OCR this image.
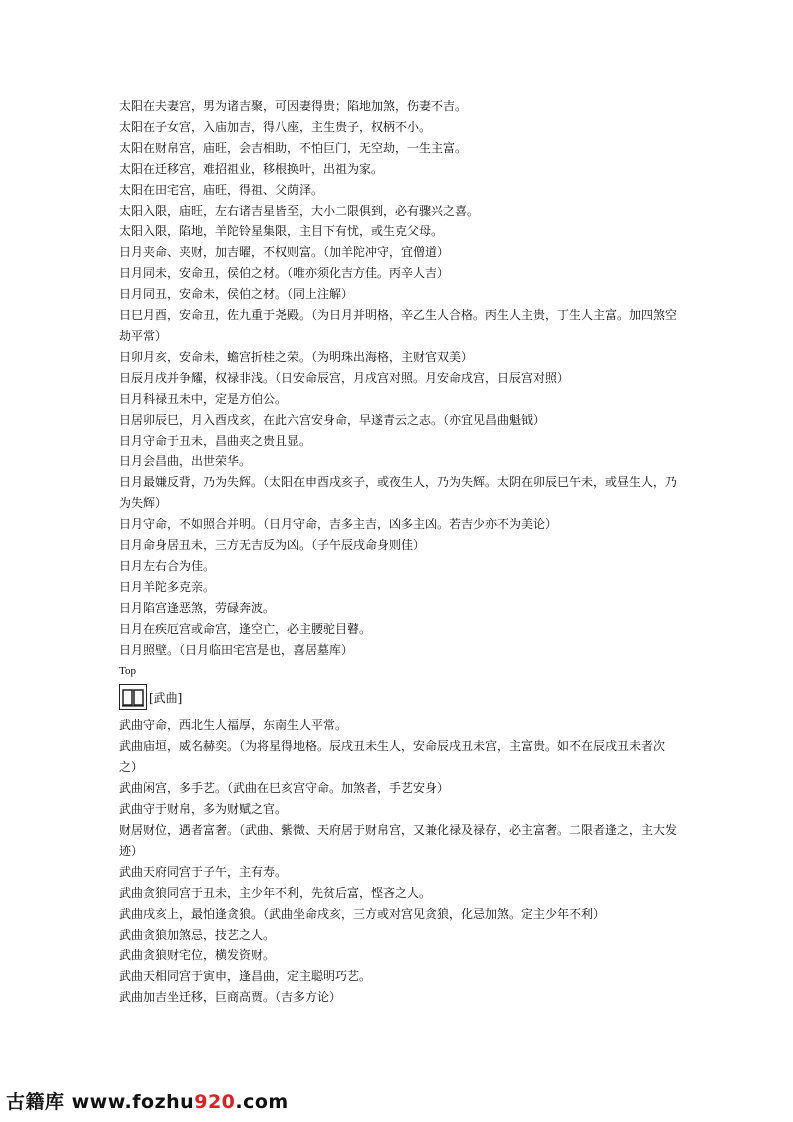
太阳在夫妻宫，男为诸吉聚，可因妻得贵；陷地加煞，伤妻不吉。
太阳在子女宫，入庙加吉，得八座，主生贵子，权柄不小。
太阳在财帛宫，庙旺，会吉相助，不怕巨门，无空劫，一生主富。
太阳在迁移宫，难招祖业，移根换叶，出祖为家。
太阳在田宅宫，庙旺，得祖、父荫泽。
太阳入限，庙旺，左右诸吉星皆至，大小二限俱到，必有骤兴之喜。
太阳入限，陷地，羊陀铃星集限，主目下有忧，或生克父母。
日月夹命、夹财，加吉曜，不权则富。（加羊陀冲守，宜僧道）
日月同未，安命丑，侯伯之材。（唯亦须化吉方佳。丙辛人吉）
日月同丑，安命未，侯伯之材。（同上注解）
日巳月酉，安命丑，佐九重于尧殿。（为日月并明格，辛乙生人合格。丙生人主贵，丁生人主富。加四煞空劫平常）
日卯月亥，安命未，蟾宫折桂之荣。（为明珠出海格，主财官双美）
日辰月戌并争耀，权禄非浅。（日安命辰宫，月戌宫对照。月安命戌宫，日辰宫对照）
日月科禄丑未中，定是方伯公。
日居卯辰巳，月入酉戌亥，在此六宫安身命，早遂青云之志。（亦宜见昌曲魁钺）
日月守命于丑未，昌曲夹之贵且显。
日月会昌曲，出世荣华。
日月最嫌反背，乃为失辉。（太阳在申酉戌亥子，或夜生人，乃为失辉。太阴在卯辰巳午未，或昼生人，乃为失辉）
日月守命，不如照合并明。（日月守命，吉多主吉，凶多主凶。若吉少亦不为美论）
日月命身居丑未，三方无吉反为凶。（子午辰戌命身则佳）
日月左右合为佳。
日月羊陀多克亲。
日月陷宫逢恶煞，劳碌奔波。
日月在疾厄宫或命宫，逢空亡，必主腰驼目瞽。
日月照壁。（日月临田宅宫是也，喜居墓库）
Top
[武曲]
武曲守命，西北生人福厚，东南生人平常。
武曲庙垣，威名赫奕。（为将星得地格。辰戌丑未生人，安命辰戌丑未宫，主富贵。如不在辰戌丑未者次之）
武曲闲宫，多手艺。（武曲在巳亥宫守命。加煞者，手艺安身）
武曲守于财帛，多为财赋之官。
财居财位，遇者富奢。（武曲、紫微、天府居于财帛宫，又兼化禄及禄存，必主富奢。二限者逢之，主大发迹）
武曲天府同宫于子午，主有寿。
武曲贪狼同宫于丑未，主少年不利，先贫后富，悭吝之人。
武曲戌亥上，最怕逢贪狼。（武曲坐命戌亥，三方或对宫见贪狼，化忌加煞。定主少年不利）
武曲贪狼加煞忌，技艺之人。
武曲贪狼财宅位，横发资财。
武曲天相同宫于寅申，逢昌曲，定主聪明巧艺。
武曲加吉坐迁移，巨商高贾。（吉多方论）
古籍库 www.fozhu920.com
